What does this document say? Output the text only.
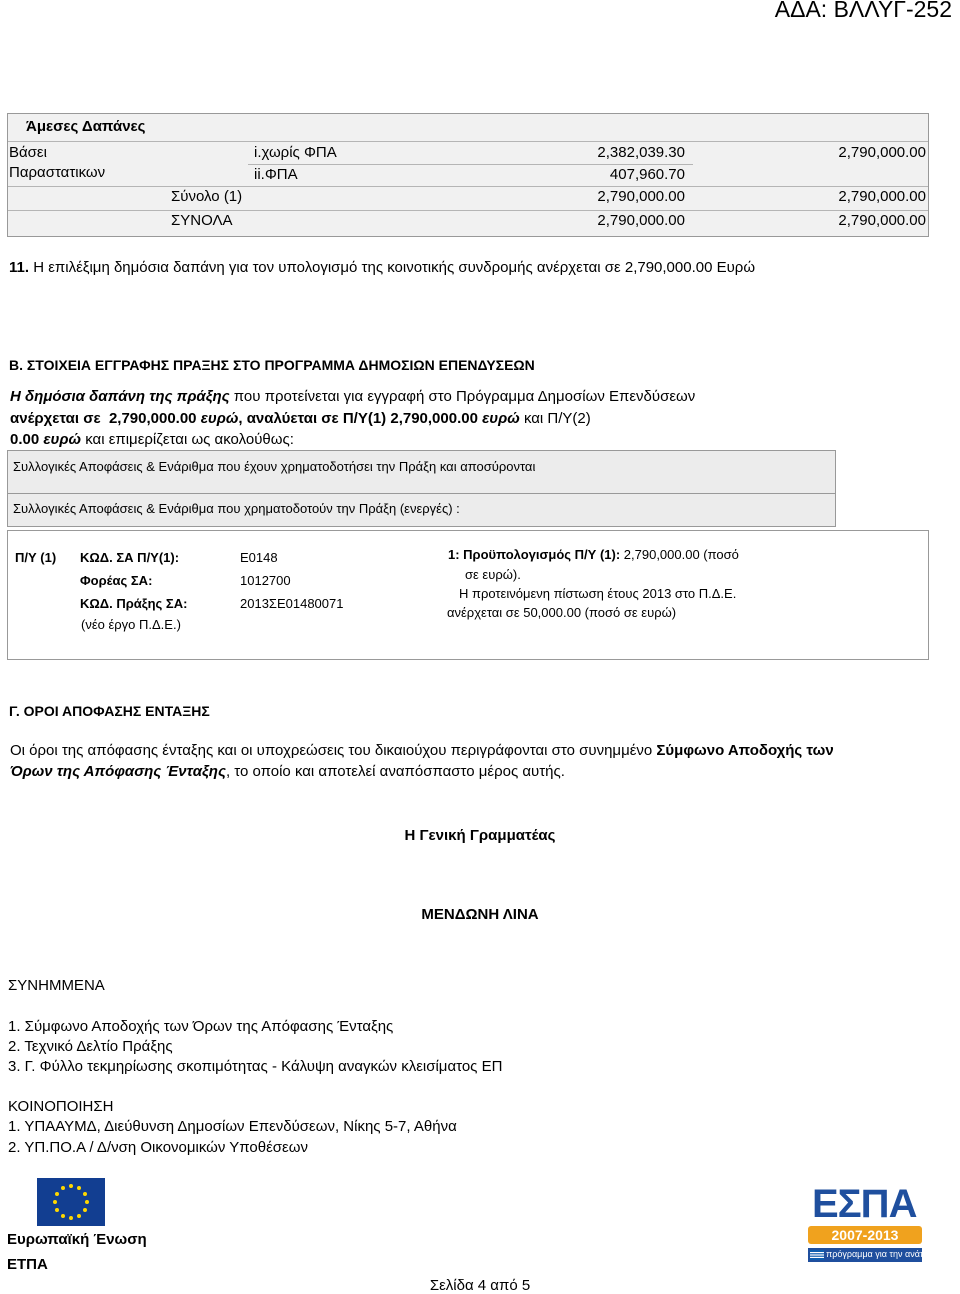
ΑΔΑ: ΒΛΛΥΓ-252
Άμεσες Δαπάνες
Βάσει
Παραστατικων
i.χωρίς ΦΠΑ	2,382,039.30	2,790,000.00
ii.ΦΠΑ	407,960.70
Σύνολο (1)	2,790,000.00	2,790,000.00
ΣΥΝΟΛΑ	2,790,000.00	2,790,000.00
11. Η επιλέξιμη δημόσια δαπάνη για τον υπολογισμό της κοινοτικής συνδρομής ανέρχεται σε 2,790,000.00 Ευρώ
Β. ΣΤΟΙΧΕΙΑ ΕΓΓΡΑΦΗΣ ΠΡΑΞΗΣ ΣΤΟ ΠΡΟΓΡΑΜΜΑ ΔΗΜΟΣΙΩΝ ΕΠΕΝΔΥΣΕΩΝ
Η δημόσια δαπάνη της πράξης που προτείνεται για εγγραφή στο Πρόγραμμα Δημοσίων Επενδύσεων
ανέρχεται σε 2,790,000.00 ευρώ, αναλύεται σε Π/Υ(1) 2,790,000.00 ευρώ και Π/Υ(2)
0.00 ευρώ και επιμερίζεται ως ακολούθως:
Συλλογικές Αποφάσεις & Ενάριθμα που έχουν χρηματοδοτήσει την Πράξη και αποσύρονται
Συλλογικές Αποφάσεις & Ενάριθμα που χρηματοδοτούν την Πράξη (ενεργές) :
Π/Υ (1) ΚΩΔ. ΣΑ Π/Υ(1):	Ε0148
Φορέας ΣΑ:	1012700
ΚΩΔ. Πράξης ΣΑ:	2013ΣΕ01480071
(νέο έργο Π.Δ.Ε.)
1: Προϋπολογισμός Π/Υ (1): 2,790,000.00 (ποσό
σε ευρώ).
Η προτεινόμενη πίστωση έτους 2013 στο Π.Δ.Ε.
ανέρχεται σε 50,000.00 (ποσό σε ευρώ)
Γ. ΟΡΟΙ ΑΠΟΦΑΣΗΣ ΕΝΤΑΞΗΣ
Οι όροι της απόφασης ένταξης και οι υποχρεώσεις του δικαιούχου περιγράφονται στο συνημμένο Σύμφωνο Αποδοχής των
Όρων της Απόφασης Ένταξης, το οποίο και αποτελεί αναπόσπαστο μέρος αυτής.
Η Γενική Γραμματέας
ΜΕΝΔΩΝΗ ΛΙΝΑ
ΣΥΝΗΜΜΕΝΑ
1. Σύμφωνο Αποδοχής των Όρων της Απόφασης Ένταξης
2. Τεχνικό Δελτίο Πράξης
3. Γ. Φύλλο τεκμηρίωσης σκοπιμότητας - Κάλυψη αναγκών κλεισίματος ΕΠ
ΚΟΙΝΟΠΟΙΗΣΗ
1. ΥΠΑΑΥΜΔ, Διεύθυνση Δημοσίων Επενδύσεων, Νίκης 5-7, Αθήνα
2. ΥΠ.ΠΟ.Α / Δ/νση Οικονομικών Υποθέσεων
Ευρωπαϊκή Ένωση
ΕΤΠΑ
Σελίδα 4 από 5
ΕΣΠΑ
2007-2013
πρόγραμμα για την ανάπτυξη
